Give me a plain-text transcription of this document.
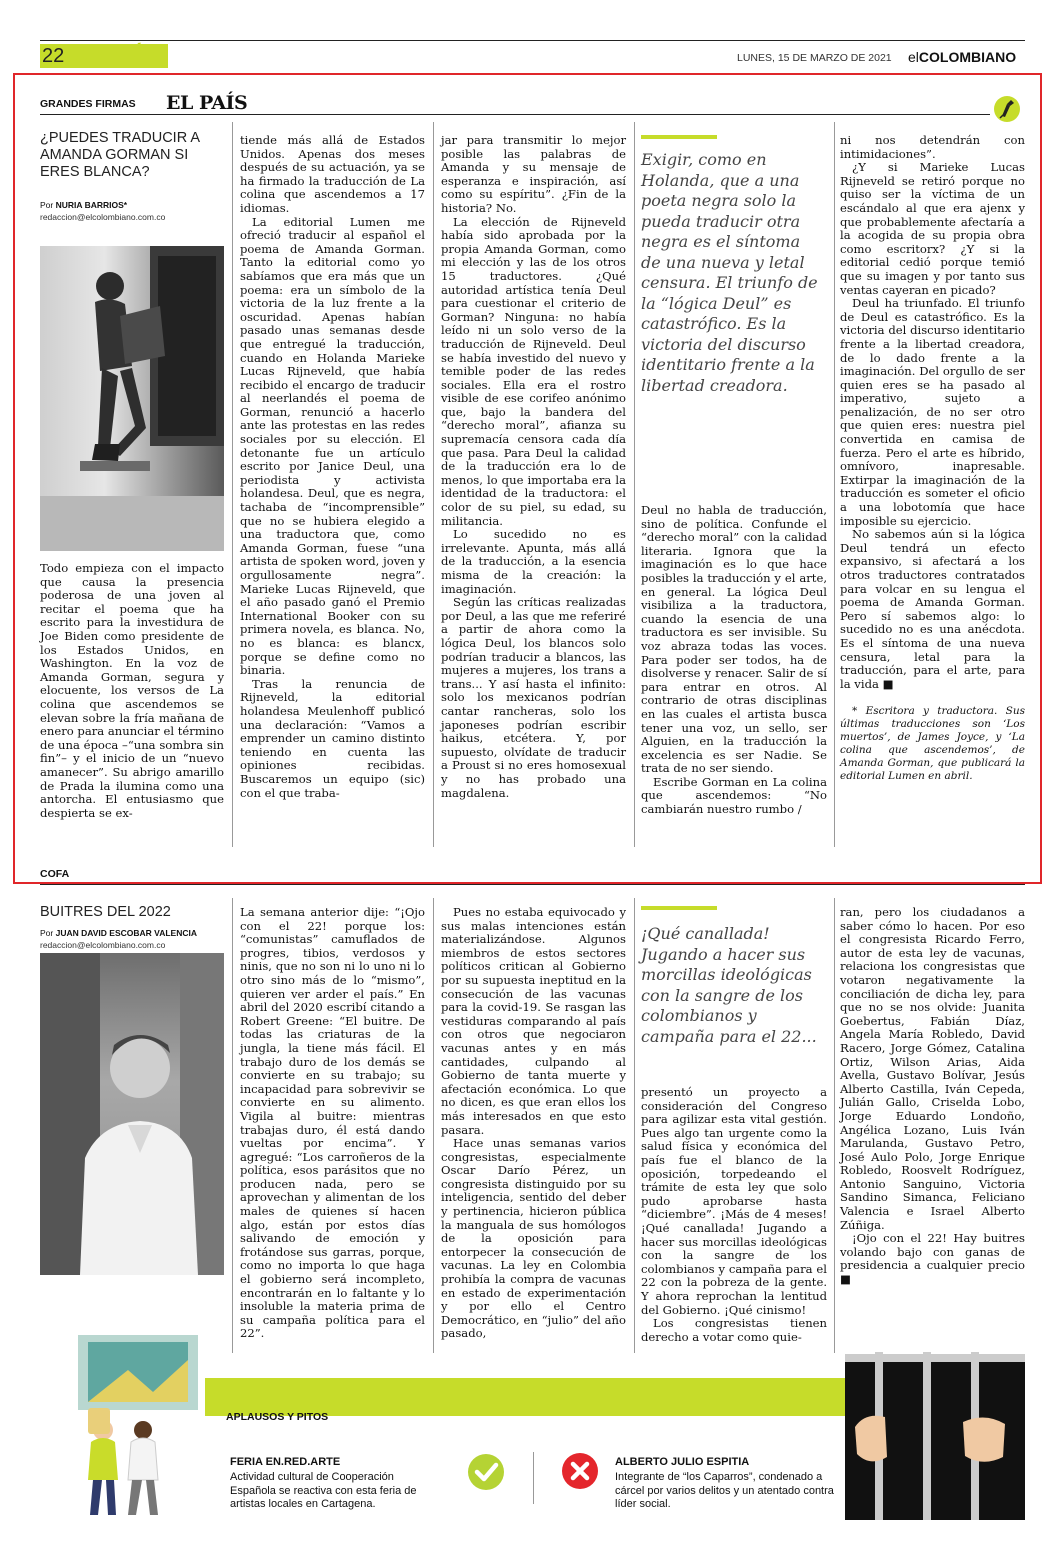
22 OPINIÓN	LUNES, 15 DE MARZO DE 2021 elCOLOMBIANO
GRANDES FIRMAS EL PAÍS
¿PUEDES TRADUCIR A AMANDA GORMAN SI ERES BLANCA?
Por NURIA BARRIOS*
redaccion@elcolombiano.com.co

Todo empieza con el impacto que causa la presencia poderosa de una joven al recitar el poema que ha escrito para la investidura de Joe Biden como presidente de los Estados Unidos, en Washington. En la voz de Amanda Gorman, segura y elocuente, los versos de La colina que ascendemos se elevan sobre la fría mañana de enero para anunciar el término de una época –“una sombra sin fin”– y el inicio de un “nuevo amanecer”. Su abrigo amarillo de Prada la ilumina como una antorcha. El entusiasmo que despierta se ex-

tiende más allá de Estados Unidos. Apenas dos meses después de su actuación, ya se ha firmado la traducción de La colina que ascendemos a 17 idiomas.

La editorial Lumen me ofreció traducir al español el poema de Amanda Gorman. Tanto la editorial como yo sabíamos que era más que un poema: era un símbolo de la victoria de la luz frente a la oscuridad. Apenas habían pasado unas semanas desde que entregué la traducción, cuando en Holanda Marieke Lucas Rijneveld, que había recibido el encargo de traducir al neerlandés el poema de Gorman, renunció a hacerlo ante las protestas en las redes sociales por su elección. El detonante fue un artículo escrito por Janice Deul, una periodista y activista holandesa. Deul, que es negra, tachaba de “incomprensible” que no se hubiera elegido a una traductora que, como Amanda Gorman, fuese “una artista de spoken word, joven y orgullosamente negra”. Marieke Lucas Rijneveld, que el año pasado ganó el Premio International Booker con su primera novela, es blanca. No, no es blanca: es blancx, porque se define como no binaria.

Tras la renuncia de Rijneveld, la editorial holandesa Meulenhoff publicó una declaración: “Vamos a emprender un camino distinto teniendo en cuenta las opiniones recibidas. Buscaremos un equipo (sic) con el que traba-

jar para transmitir lo mejor posible las palabras de Amanda y su mensaje de esperanza e inspiración, así como su espíritu”. ¿Fin de la historia? No.

La elección de Rijneveld había sido aprobada por la propia Amanda Gorman, como mi elección y las de los otros 15 traductores. ¿Qué autoridad artística tenía Deul para cuestionar el criterio de Gorman? Ninguna: no había leído ni un solo verso de la traducción de Rijneveld. Deul se había investido del nuevo y temible poder de las redes sociales. Ella era el rostro visible de ese corifeo anónimo que, bajo la bandera del “derecho moral”, afianza su supremacía censora cada día que pasa. Para Deul la calidad de la traducción era lo de menos, lo que importaba era la identidad de la traductora: el color de su piel, su edad, su militancia.

Lo sucedido no es irrelevante. Apunta, más allá de la traducción, a la esencia misma de la creación: la imaginación.

Según las críticas realizadas por Deul, a las que me referiré a partir de ahora como la lógica Deul, los blancos solo podrían traducir a blancos, las mujeres a mujeres, los trans a trans... Y así hasta el infinito: solo los mexicanos podrían cantar rancheras, solo los japoneses podrían escribir haikus, etcétera. Y, por supuesto, olvídate de traducir a Proust si no eres homosexual y no has probado una magdalena.

Exigir, como en Holanda, que a una poeta negra solo la pueda traducir otra negra es el síntoma de una nueva y letal censura. El triunfo de la “lógica Deul” es catastrófico. Es la victoria del discurso identitario frente a la libertad creadora.

Deul no habla de traducción, sino de política. Confunde el “derecho moral” con la calidad literaria. Ignora que la imaginación es lo que hace posibles la traducción y el arte, en general. La lógica Deul visibiliza a la traductora, cuando la esencia de una traductora es ser invisible. Su voz abraza todas las voces. Para poder ser todos, ha de disolverse y renacer. Salir de sí para entrar en otros. Al contrario de otras disciplinas en las cuales el artista busca tener una voz, un sello, ser Alguien, en la traducción la excelencia es ser Nadie. Se trata de no ser siendo.

Escribe Gorman en La colina que ascendemos: “No cambiarán nuestro rumbo /

ni nos detendrán con intimidaciones”.

¿Y si Marieke Lucas Rijneveld se retiró porque no quiso ser la víctima de un escándalo al que era ajenx y que probablemente afectaría a la acogida de su propia obra como escritorx? ¿Y si la editorial cedió porque temió que su imagen y por tanto sus ventas cayeran en picado?

Deul ha triunfado. El triunfo de Deul es catastrófico. Es la victoria del discurso identitario frente a la libertad creadora, de lo dado frente a la imaginación. Del orgullo de ser quien eres se ha pasado al imperativo, sujeto a penalización, de no ser otro que quien eres: nuestra piel convertida en camisa de fuerza. Pero el arte es híbrido, omnívoro, inapresable. Extirpar la imaginación de la traducción es someter el oficio a una lobotomía que hace imposible su ejercicio.

No sabemos aún si la lógica Deul tendrá un efecto expansivo, si afectará a los otros traductores contratados para volcar en su lengua el poema de Amanda Gorman. Pero sí sabemos algo: lo sucedido no es una anécdota. Es el síntoma de una nueva censura, letal para la traducción, para el arte, para la vida ■

* Escritora y traductora. Sus últimas traducciones son ‘Los muertos’, de James Joyce, y ‘La colina que ascendemos’, de Amanda Gorman, que publicará la editorial Lumen en abril.

COFA
BUITRES DEL 2022
Por JUAN DAVID ESCOBAR VALENCIA
redaccion@elcolombiano.com.co

La semana anterior dije: “¡Ojo con el 22! porque los: “comunistas” camuflados de progres, tibios, verdosos y ninis, que no son ni lo uno ni lo otro sino más de lo “mismo”, quieren ver arder el país.” En abril del 2020 escribí citando a Robert Greene: “El buitre. De todas las criaturas de la jungla, la tiene más fácil. El trabajo duro de los demás se convierte en su trabajo; su incapacidad para sobrevivir se convierte en su alimento. Vigila al buitre: mientras trabajas duro, él está dando vueltas por encima”. Y agregué: “Los carroñeros de la política, esos parásitos que no producen nada, pero se aprovechan y alimentan de los males de quienes sí hacen algo, están por estos días salivando de emoción y frotándose sus garras, porque, como no importa lo que haga el gobierno será incompleto, encontrarán en lo faltante y lo insoluble la materia prima de su campaña política para el 22”.

Pues no estaba equivocado y sus malas intenciones están materializándose. Algunos miembros de estos sectores políticos critican al Gobierno por su supuesta ineptitud en la consecución de las vacunas para la covid-19. Se rasgan las vestiduras comparando al país con otros que negociaron vacunas antes y en más cantidades, culpando al Gobierno de tanta muerte y afectación económica. Lo que no dicen, es que eran ellos los más interesados en que esto pasara.

Hace unas semanas varios congresistas, especialmente Oscar Darío Pérez, un congresista distinguido por su inteligencia, sentido del deber y pertinencia, hicieron pública la manguala de sus homólogos de la oposición para entorpecer la consecución de vacunas. La ley en Colombia prohibía la compra de vacunas en estado de experimentación y por ello el Centro Democrático, en “julio” del año pasado,

¡Qué canallada! Jugando a hacer sus morcillas ideológicas con la sangre de los colombianos y campaña para el 22...

presentó un proyecto a consideración del Congreso para agilizar esta vital gestión. Pues algo tan urgente como la salud física y económica del país fue el blanco de la oposición, torpedeando el trámite de esta ley que solo pudo aprobarse hasta “diciembre”. ¡Más de 4 meses! ¡Qué canallada! Jugando a hacer sus morcillas ideológicas con la sangre de los colombianos y campaña para el 22 con la pobreza de la gente. Y ahora reprochan la lentitud del Gobierno. ¡Qué cinismo!

Los congresistas tienen derecho a votar como quie-

ran, pero los ciudadanos a saber cómo lo hacen. Por eso el congresista Ricardo Ferro, autor de esta ley de vacunas, relaciona los congresistas que votaron negativamente la conciliación de dicha ley, para que no se nos olvide: Juanita Goebertus, Fabián Díaz, Angela María Robledo, David Racero, Jorge Gómez, Catalina Ortiz, Wilson Arias, Aida Avella, Gustavo Bolívar, Jesús Alberto Castilla, Iván Cepeda, Julián Gallo, Criselda Lobo, Jorge Eduardo Londoño, Angélica Lozano, Luis Iván Marulanda, Gustavo Petro, José Aulo Polo, Jorge Enrique Robledo, Roosvelt Rodríguez, Antonio Sanguino, Victoria Sandino Simanca, Feliciano Valencia e Israel Alberto Zúñiga.

¡Ojo con el 22! Hay buitres volando bajo con ganas de presidencia a cualquier precio ■

APLAUSOS Y PITOS
FERIA EN.RED.ARTE
Actividad cultural de Cooperación Española se reactiva con esta feria de artistas locales en Cartagena.
ALBERTO JULIO ESPITIA
Integrante de “los Caparros”, condenado a cárcel por varios delitos y un atentado contra líder social.
